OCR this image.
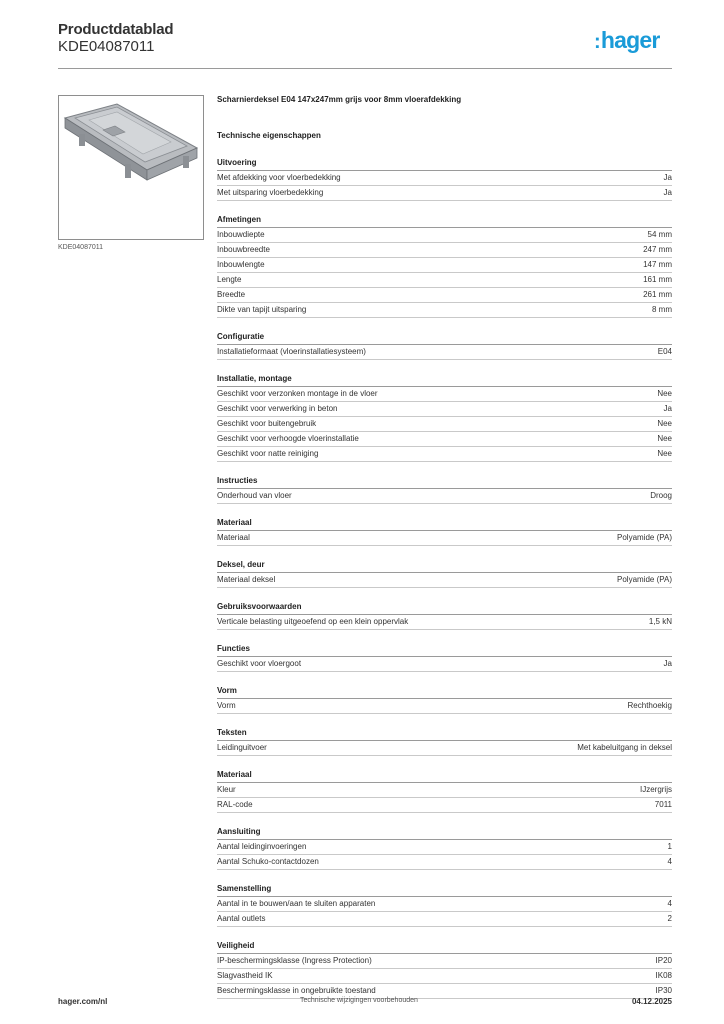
Productdatablad
KDE04087011	:hager
KDE04087011
Scharnierdeksel E04 147x247mm grijs voor 8mm vloerafdekking
Technische eigenschappen
Uitvoering
Met afdekking voor vloerbedekking	Ja
Met uitsparing vloerbedekking	Ja
Afmetingen
Inbouwdiepte	54 mm
Inbouwbreedte	247 mm
Inbouwlengte	147 mm
Lengte	161 mm
Breedte	261 mm
Dikte van tapijt uitsparing	8 mm
Configuratie
Installatieformaat (vloerinstallatiesysteem)	E04
Installatie, montage
Geschikt voor verzonken montage in de vloer	Nee
Geschikt voor verwerking in beton	Ja
Geschikt voor buitengebruik	Nee
Geschikt voor verhoogde vloerinstallatie	Nee
Geschikt voor natte reiniging	Nee
Instructies
Onderhoud van vloer	Droog
Materiaal
Materiaal	Polyamide (PA)
Deksel, deur
Materiaal deksel	Polyamide (PA)
Gebruiksvoorwaarden
Verticale belasting uitgeoefend op een klein oppervlak	1,5 kN
Functies
Geschikt voor vloergoot	Ja
Vorm
Vorm	Rechthoekig
Teksten
Leidinguitvoer	Met kabeluitgang in deksel
Materiaal
Kleur	IJzergrijs
RAL-code	7011
Aansluiting
Aantal leidinginvoeringen	1
Aantal Schuko-contactdozen	4
Samenstelling
Aantal in te bouwen/aan te sluiten apparaten	4
Aantal outlets	2
Veiligheid
IP-beschermingsklasse (Ingress Protection)	IP20
Slagvastheid IK	IK08
Beschermingsklasse in ongebruikte toestand	IP30
hager.com/nl	Technische wijzigingen voorbehouden	04.12.2025
